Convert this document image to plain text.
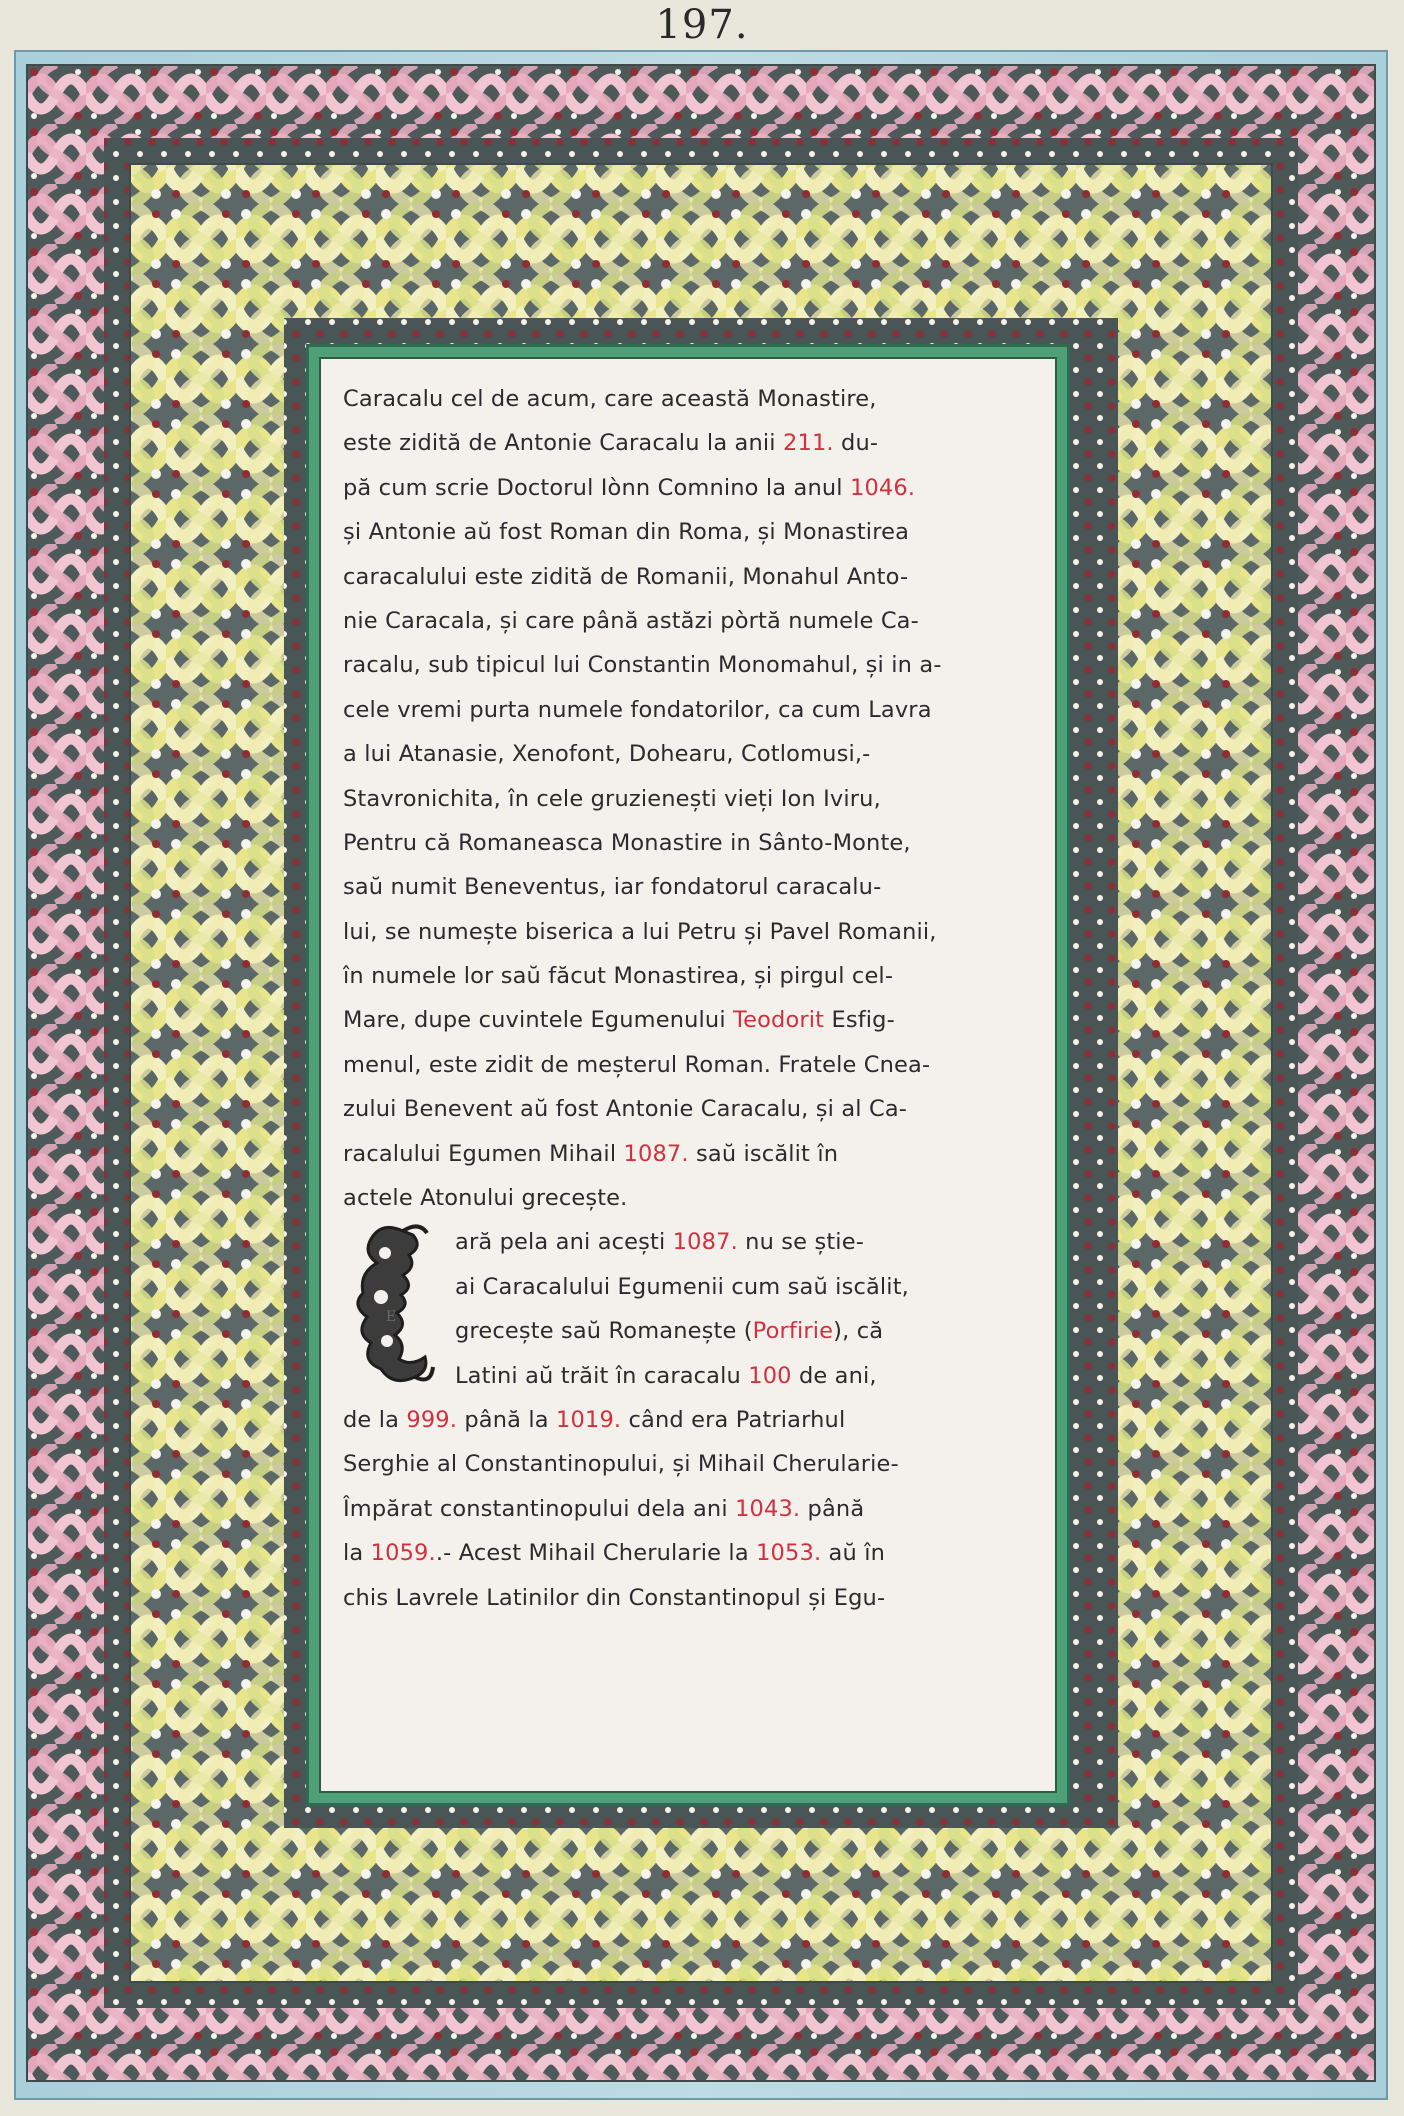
197.
E
Caracalu cel de acum, care această Monastire,
este zidită de Antonie Caracalu la anii 211. du-
pă cum scrie Doctorul Iònn Comnino la anul 1046.
și Antonie aŭ fost Roman din Roma, și Monastirea
caracalului este zidită de Romanii, Monahul Anto-
nie Caracala, și care până astăzi pòrtă numele Ca-
racalu, sub tipicul lui Constantin Monomahul, și in a-
cele vremi purta numele fondatorilor, ca cum Lavra
a lui Atanasie, Xenofont, Dohearu, Cotlomusi,-
Stavronichita, în cele gruzienești vieți Ion Iviru,
Pentru că Romaneasca Monastire in Sânto-Monte,
saŭ numit Beneventus, iar fondatorul caracalu-
lui, se numește biserica a lui Petru și Pavel Romanii,
în numele lor saŭ făcut Monastirea, și pirgul cel-
Mare, dupe cuvintele Egumenului Teodorit Esfig-
menul, este zidit de meșterul Roman. Fratele Cnea-
zului Benevent aŭ fost Antonie Caracalu, și al Ca-
racalului Egumen Mihail 1087. saŭ iscălit în
actele Atonului grecește.
ară pela ani acești 1087. nu se știe-
ai Caracalului Egumenii cum saŭ iscălit,
grecește saŭ Romanește (Porfirie), că
Latini aŭ trăit în caracalu 100 de ani,
de la 999. până la 1019. când era Patriarhul
Serghie al Constantinopului, și Mihail Cherularie-
Împărat constantinopului dela ani 1043. până
la 1059..- Acest Mihail Cherularie la 1053. aŭ în
chis Lavrele Latinilor din Constantinopul și Egu-
